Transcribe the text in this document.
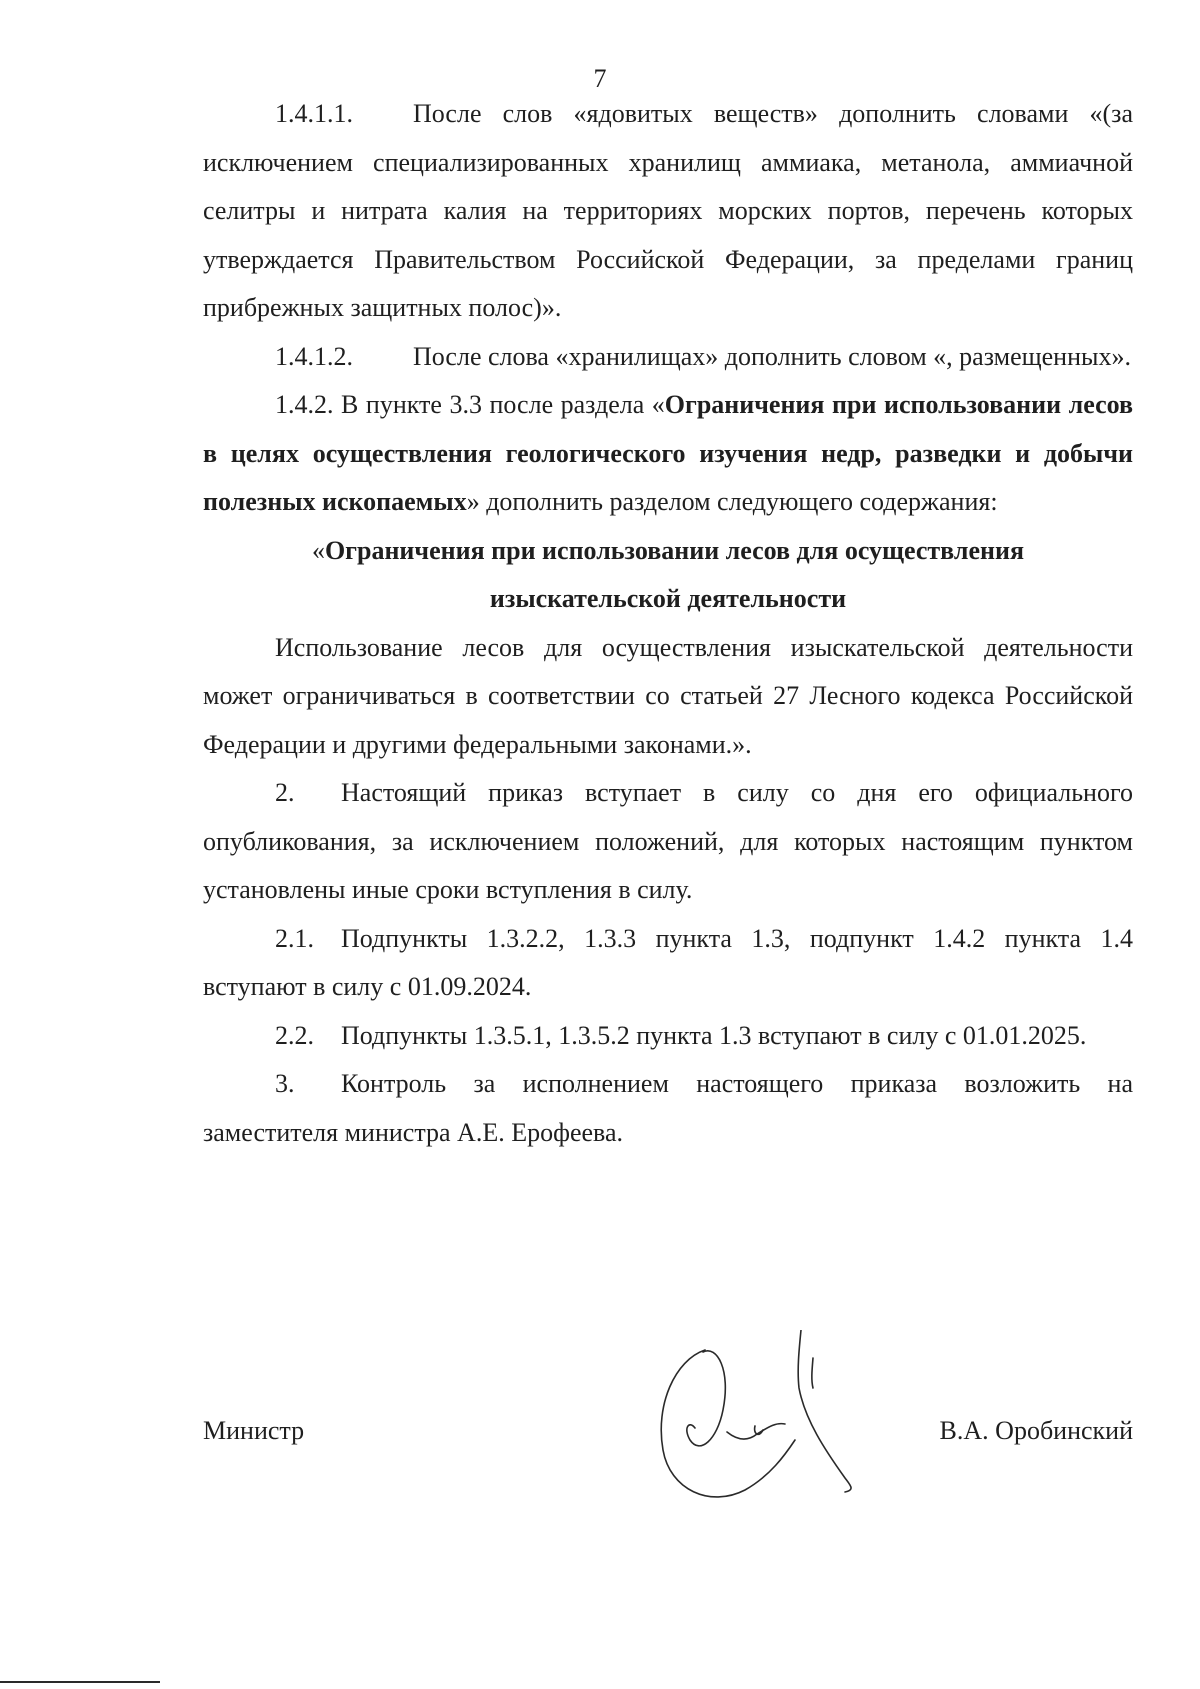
7

1.4.1.1. После слов «ядовитых веществ» дополнить словами «(за исключением специализированных хранилищ аммиака, метанола, аммиачной селитры и нитрата калия на территориях морских портов, перечень которых утверждается Правительством Российской Федерации, за пределами границ прибрежных защитных полос)».

1.4.1.2. После слова «хранилищах» дополнить словом «, размещенных».

1.4.2. В пункте 3.3 после раздела «Ограничения при использовании лесов в целях осуществления геологического изучения недр, разведки и добычи полезных ископаемых» дополнить разделом следующего содержания:

«Ограничения при использовании лесов для осуществления
изыскательской деятельности

Использование лесов для осуществления изыскательской деятельности может ограничиваться в соответствии со статьей 27 Лесного кодекса Российской Федерации и другими федеральными законами.».

2. Настоящий приказ вступает в силу со дня его официального опубликования, за исключением положений, для которых настоящим пунктом установлены иные сроки вступления в силу.

2.1. Подпункты 1.3.2.2, 1.3.3 пункта 1.3, подпункт 1.4.2 пункта 1.4 вступают в силу с 01.09.2024.

2.2. Подпункты 1.3.5.1, 1.3.5.2 пункта 1.3 вступают в силу с 01.01.2025.

3. Контроль за исполнением настоящего приказа возложить на заместителя министра А.Е. Ерофеева.

Министр	В.А. Оробинский
